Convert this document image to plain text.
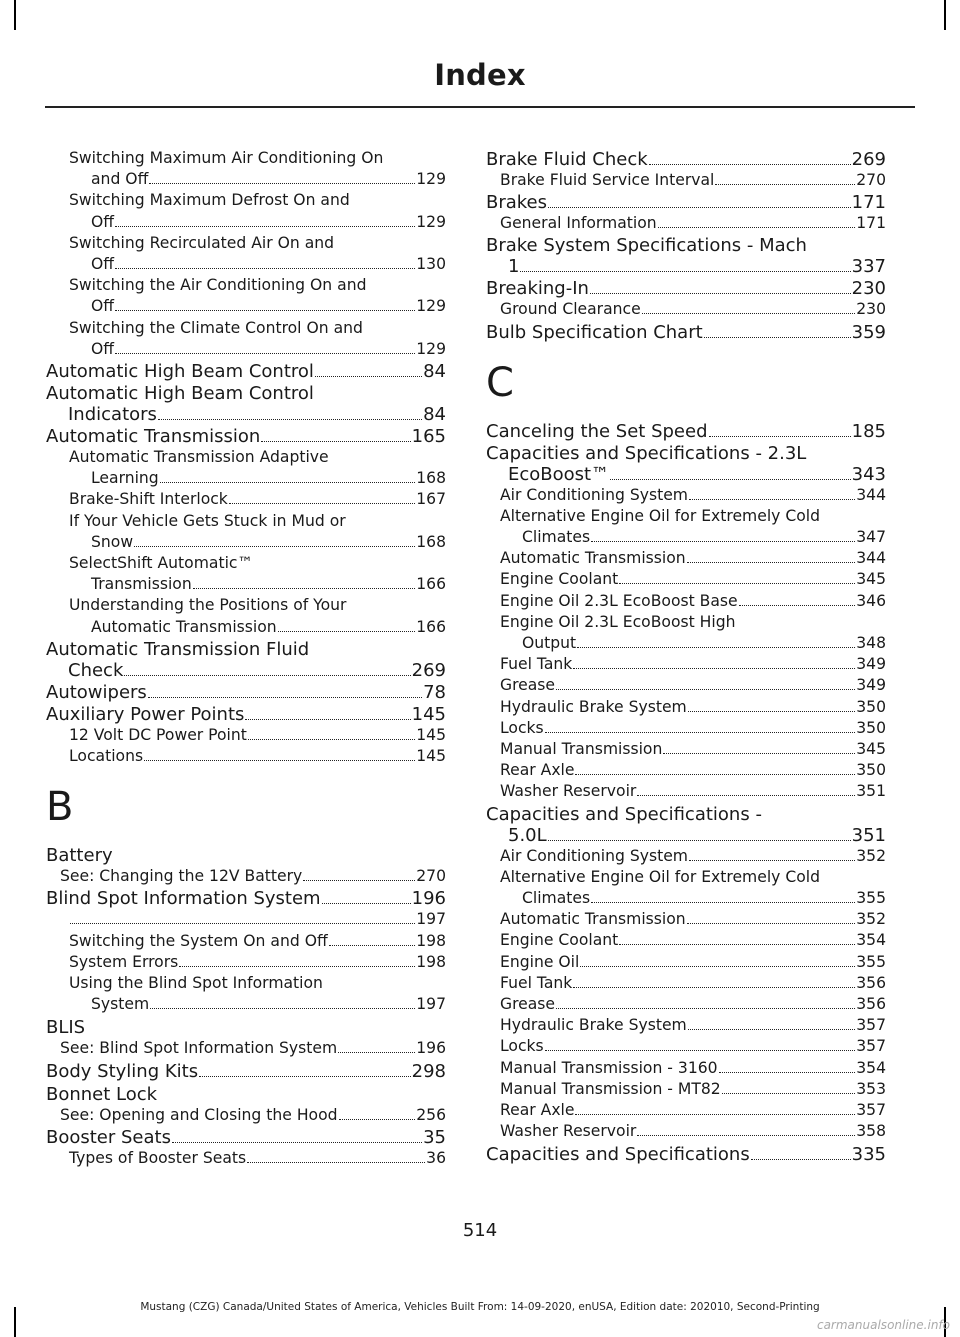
Index
Switching Maximum Air Conditioning On
and Off	129
Switching Maximum Defrost On and
Off	129
Switching Recirculated Air On and
Off	130
Switching the Air Conditioning On and
Off	129
Switching the Climate Control On and
Off	129
Automatic High Beam Control	84
Automatic High Beam Control
Indicators	84
Automatic Transmission	165
Automatic Transmission Adaptive
Learning	168
Brake-Shift Interlock	167
If Your Vehicle Gets Stuck in Mud or
Snow	168
SelectShift Automatic™
Transmission	166
Understanding the Positions of Your
Automatic Transmission	166
Automatic Transmission Fluid
Check	269
Autowipers	78
Auxiliary Power Points	145
12 Volt DC Power Point	145
Locations	145
B
Battery
See: Changing the 12V Battery	270
Blind Spot Information System	196
197
Switching the System On and Off	198
System Errors	198
Using the Blind Spot Information
System	197
BLIS
See: Blind Spot Information System	196
Body Styling Kits	298
Bonnet Lock
See: Opening and Closing the Hood	256
Booster Seats	35
Types of Booster Seats	36
Brake Fluid Check	269
Brake Fluid Service Interval	270
Brakes	171
General Information	171
Brake System Specifications - Mach
1	337
Breaking-In	230
Ground Clearance	230
Bulb Specification Chart	359
C
Canceling the Set Speed	185
Capacities and Specifications - 2.3L
EcoBoost™	343
Air Conditioning System	344
Alternative Engine Oil for Extremely Cold
Climates	347
Automatic Transmission	344
Engine Coolant	345
Engine Oil 2.3L EcoBoost Base	346
Engine Oil 2.3L EcoBoost High
Output	348
Fuel Tank	349
Grease	349
Hydraulic Brake System	350
Locks	350
Manual Transmission	345
Rear Axle	350
Washer Reservoir	351
Capacities and Specifications -
5.0L	351
Air Conditioning System	352
Alternative Engine Oil for Extremely Cold
Climates	355
Automatic Transmission	352
Engine Coolant	354
Engine Oil	355
Fuel Tank	356
Grease	356
Hydraulic Brake System	357
Locks	357
Manual Transmission - 3160	354
Manual Transmission - MT82	353
Rear Axle	357
Washer Reservoir	358
Capacities and Specifications	335
514
Mustang (CZG) Canada/United States of America, Vehicles Built From: 14-09-2020, enUSA, Edition date: 202010, Second-Printing
carmanualsonline.info
